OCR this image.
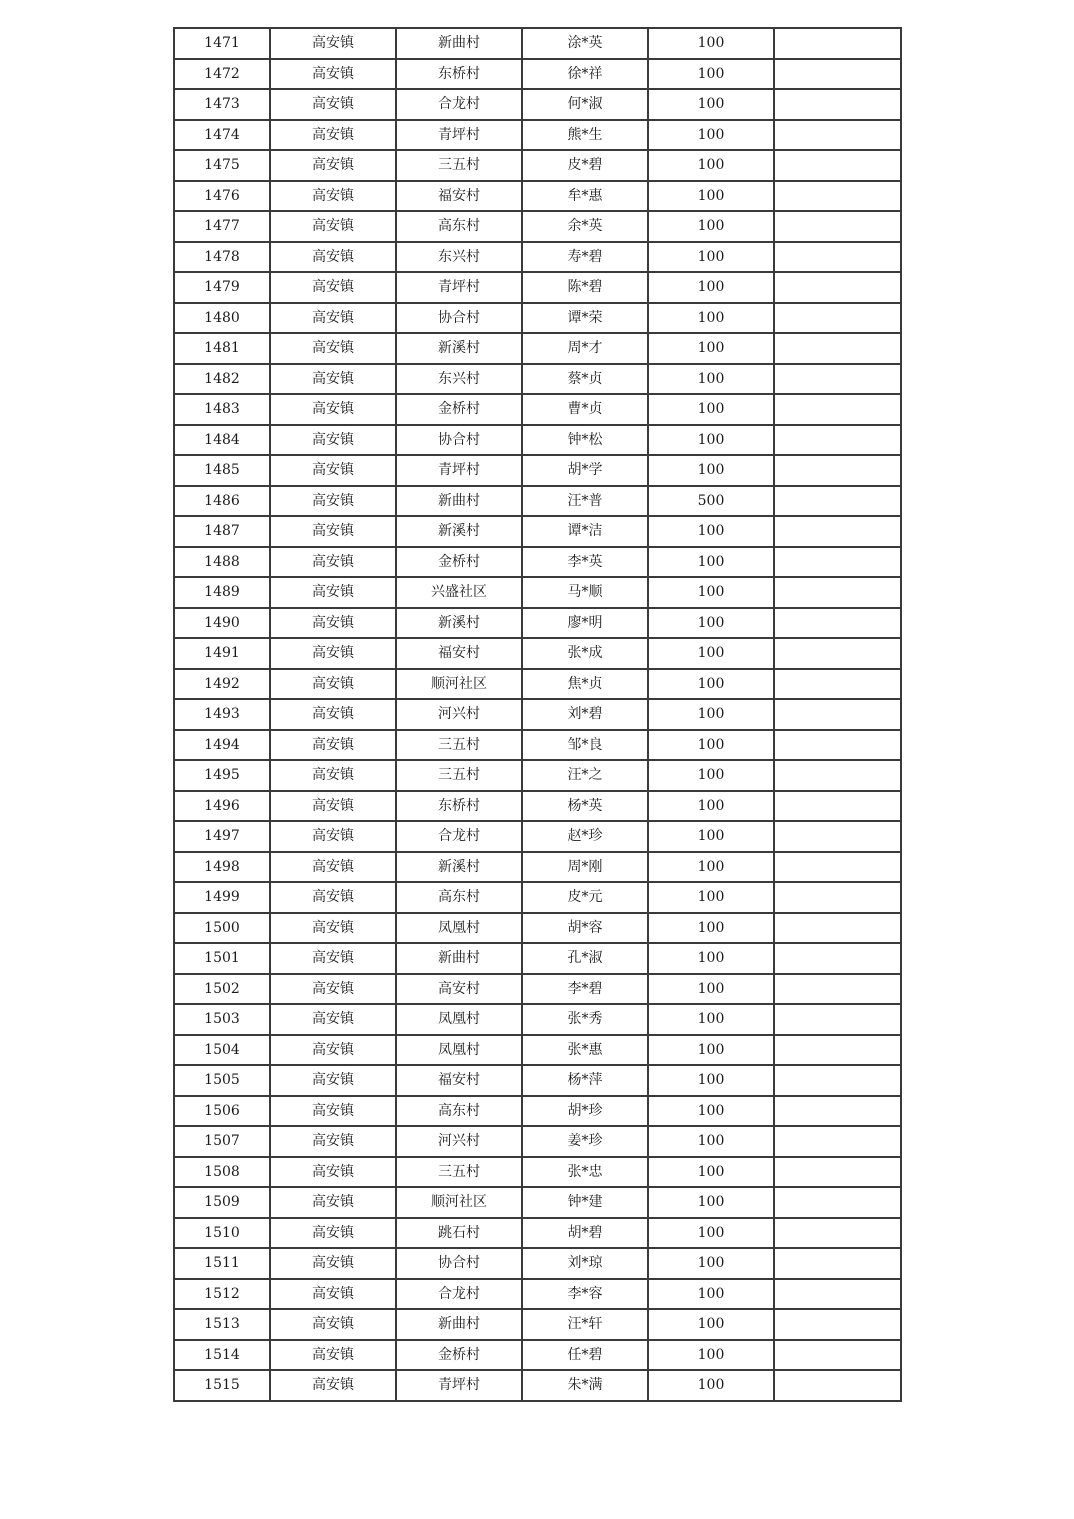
1471	高安镇	新曲村	涂*英	100	
1472	高安镇	东桥村	徐*祥	100	
1473	高安镇	合龙村	何*淑	100	
1474	高安镇	青坪村	熊*生	100	
1475	高安镇	三五村	皮*碧	100	
1476	高安镇	福安村	牟*惠	100	
1477	高安镇	高东村	余*英	100	
1478	高安镇	东兴村	寿*碧	100	
1479	高安镇	青坪村	陈*碧	100	
1480	高安镇	协合村	谭*荣	100	
1481	高安镇	新溪村	周*才	100	
1482	高安镇	东兴村	蔡*贞	100	
1483	高安镇	金桥村	曹*贞	100	
1484	高安镇	协合村	钟*松	100	
1485	高安镇	青坪村	胡*学	100	
1486	高安镇	新曲村	汪*普	500	
1487	高安镇	新溪村	谭*洁	100	
1488	高安镇	金桥村	李*英	100	
1489	高安镇	兴盛社区	马*顺	100	
1490	高安镇	新溪村	廖*明	100	
1491	高安镇	福安村	张*成	100	
1492	高安镇	顺河社区	焦*贞	100	
1493	高安镇	河兴村	刘*碧	100	
1494	高安镇	三五村	邹*良	100	
1495	高安镇	三五村	汪*之	100	
1496	高安镇	东桥村	杨*英	100	
1497	高安镇	合龙村	赵*珍	100	
1498	高安镇	新溪村	周*刚	100	
1499	高安镇	高东村	皮*元	100	
1500	高安镇	凤凰村	胡*容	100	
1501	高安镇	新曲村	孔*淑	100	
1502	高安镇	高安村	李*碧	100	
1503	高安镇	凤凰村	张*秀	100	
1504	高安镇	凤凰村	张*惠	100	
1505	高安镇	福安村	杨*萍	100	
1506	高安镇	高东村	胡*珍	100	
1507	高安镇	河兴村	姜*珍	100	
1508	高安镇	三五村	张*忠	100	
1509	高安镇	顺河社区	钟*建	100	
1510	高安镇	跳石村	胡*碧	100	
1511	高安镇	协合村	刘*琼	100	
1512	高安镇	合龙村	李*容	100	
1513	高安镇	新曲村	汪*轩	100	
1514	高安镇	金桥村	任*碧	100	
1515	高安镇	青坪村	朱*满	100	
